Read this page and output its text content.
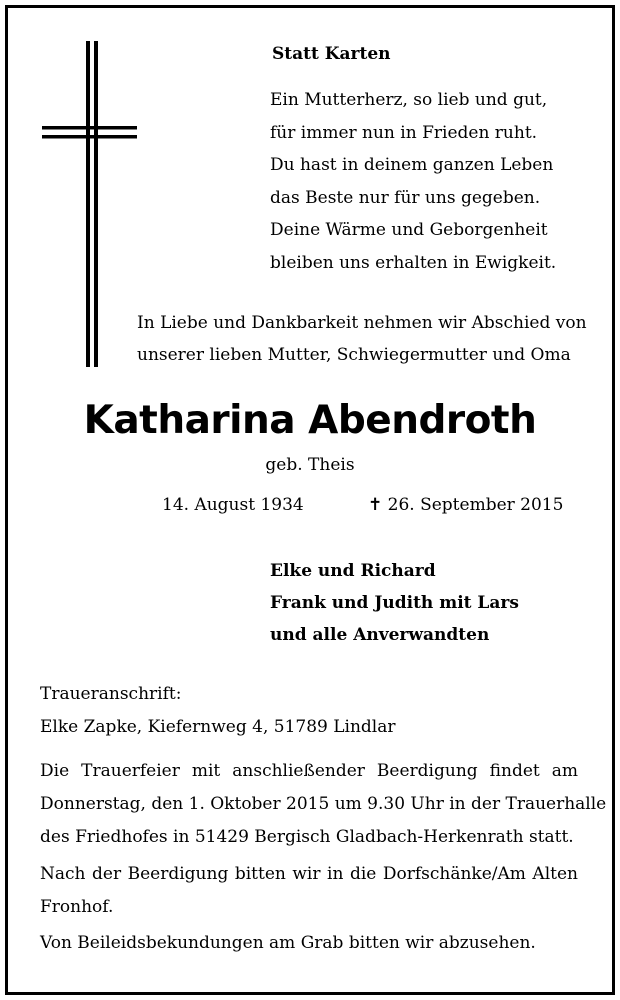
Statt Karten
Ein Mutterherz, so lieb und gut,
für immer nun in Frieden ruht.
Du hast in deinem ganzen Leben
das Beste nur für uns gegeben.
Deine Wärme und Geborgenheit
bleiben uns erhalten in Ewigkeit.
In Liebe und Dankbarkeit nehmen wir Abschied von
unserer lieben Mutter, Schwiegermutter und Oma
Katharina Abendroth
geb. Theis
14. August 1934	✝ 26. September 2015
Elke und Richard
Frank und Judith mit Lars
und alle Anverwandten
Traueranschrift:
Elke Zapke, Kiefernweg 4, 51789 Lindlar
Die Trauerfeier mit anschließender Beerdigung findet am
Donnerstag, den 1. Oktober 2015 um 9.30 Uhr in der Trauerhalle
des Friedhofes in 51429 Bergisch Gladbach-Herkenrath statt.
Nach der Beerdigung bitten wir in die Dorfschänke/Am Alten
Fronhof.
Von Beileidsbekundungen am Grab bitten wir abzusehen.
